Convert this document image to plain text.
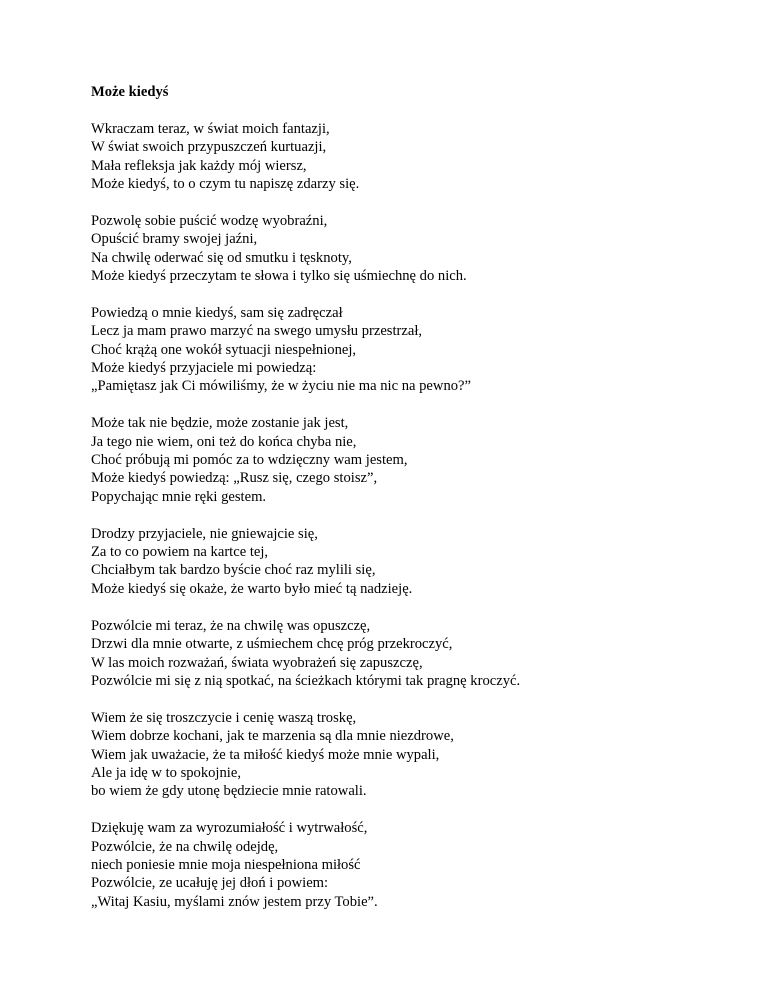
Może kiedyś
Wkraczam teraz, w świat moich fantazji,
W świat swoich przypuszczeń kurtuazji,
Mała refleksja jak każdy mój wiersz,
Może kiedyś, to o czym tu napiszę zdarzy się.
Pozwolę sobie puścić wodzę wyobraźni,
Opuścić bramy swojej jaźni,
Na chwilę oderwać się od smutku i tęsknoty,
Może kiedyś przeczytam te słowa i tylko się uśmiechnę do nich.
Powiedzą o mnie kiedyś, sam się zadręczał
Lecz ja mam prawo marzyć na swego umysłu przestrzał,
Choć krążą one wokół sytuacji niespełnionej,
Może kiedyś przyjaciele mi powiedzą:
„Pamiętasz jak Ci mówiliśmy, że w życiu nie ma nic na pewno?”
Może tak nie będzie, może zostanie jak jest,
Ja tego nie wiem, oni też do końca chyba nie,
Choć próbują mi pomóc za to wdzięczny wam jestem,
Może kiedyś powiedzą: „Rusz się, czego stoisz”,
Popychając mnie ręki gestem.
Drodzy przyjaciele, nie gniewajcie się,
Za to co powiem na kartce tej,
Chciałbym tak bardzo byście choć raz mylili się,
Może kiedyś się okaże, że warto było mieć tą nadzieję.
Pozwólcie mi teraz, że na chwilę was opuszczę,
Drzwi dla mnie otwarte, z uśmiechem chcę próg przekroczyć,
W las moich rozważań, świata wyobrażeń się zapuszczę,
Pozwólcie mi się z nią spotkać, na ścieżkach którymi tak pragnę kroczyć.
Wiem że się troszczycie i cenię waszą troskę,
Wiem dobrze kochani, jak te marzenia są dla mnie niezdrowe,
Wiem jak uważacie, że ta miłość kiedyś może mnie wypali,
Ale ja idę w to spokojnie,
bo wiem że gdy utonę będziecie mnie ratowali.
Dziękuję wam za wyrozumiałość i wytrwałość,
Pozwólcie, że na chwilę odejdę,
niech poniesie mnie moja niespełniona miłość
Pozwólcie, ze ucałuję jej dłoń i powiem:
„Witaj Kasiu, myślami znów jestem przy Tobie”.
